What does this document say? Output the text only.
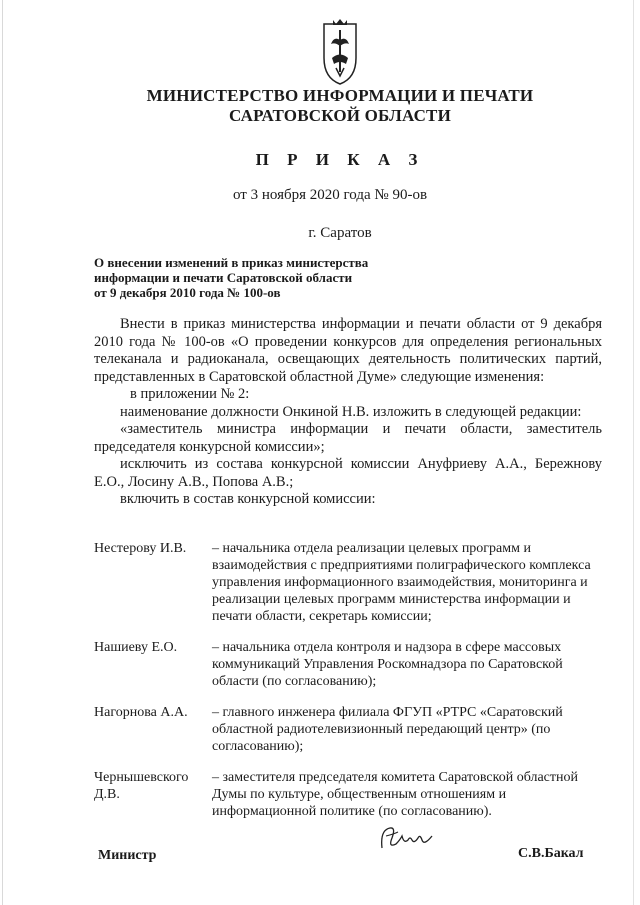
МИНИСТЕРСТВО ИНФОРМАЦИИ И ПЕЧАТИ
САРАТОВСКОЙ ОБЛАСТИ
П Р И К А З
от 3 ноября 2020 года № 90-ов
г. Саратов
О внесении изменений в приказ министерства
информации и печати Саратовской области
от 9 декабря 2010 года № 100-ов

Внести в приказ министерства информации и печати области от 9 декабря 2010 года № 100-ов «О проведении конкурсов для определения региональных телеканала и радиоканала, освещающих деятельность политических партий, представленных в Саратовской областной Думе» следующие изменения:

в приложении № 2:

наименование должности Онкиной Н.В. изложить в следующей редакции:

«заместитель министра информации и печати области, заместитель председателя конкурсной комиссии»;

исключить из состава конкурсной комиссии Ануфриеву А.А., Бережнову Е.О., Лосину А.В., Попова А.В.;

включить в состав конкурсной комиссии:

Нестерову И.В.	– начальника отдела реализации целевых программ и взаимодействия с предприятиями полиграфического комплекса управления информационного взаимодействия, мониторинга и реализации целевых программ министерства информации и печати области, секретарь комиссии;
Нашиеву Е.О.	– начальника отдела контроля и надзора в сфере массовых коммуникаций Управления Роскомнадзора по Саратовской области (по согласованию);
Нагорнова А.А.	– главного инженера филиала ФГУП «РТРС «Саратовский областной радиотелевизионный передающий центр» (по согласованию);
Чернышевского Д.В.
– заместителя председателя комитета Саратовской областной Думы по культуре, общественным отношениям и информационной политике (по согласованию).
Министр	С.В.Бакал
